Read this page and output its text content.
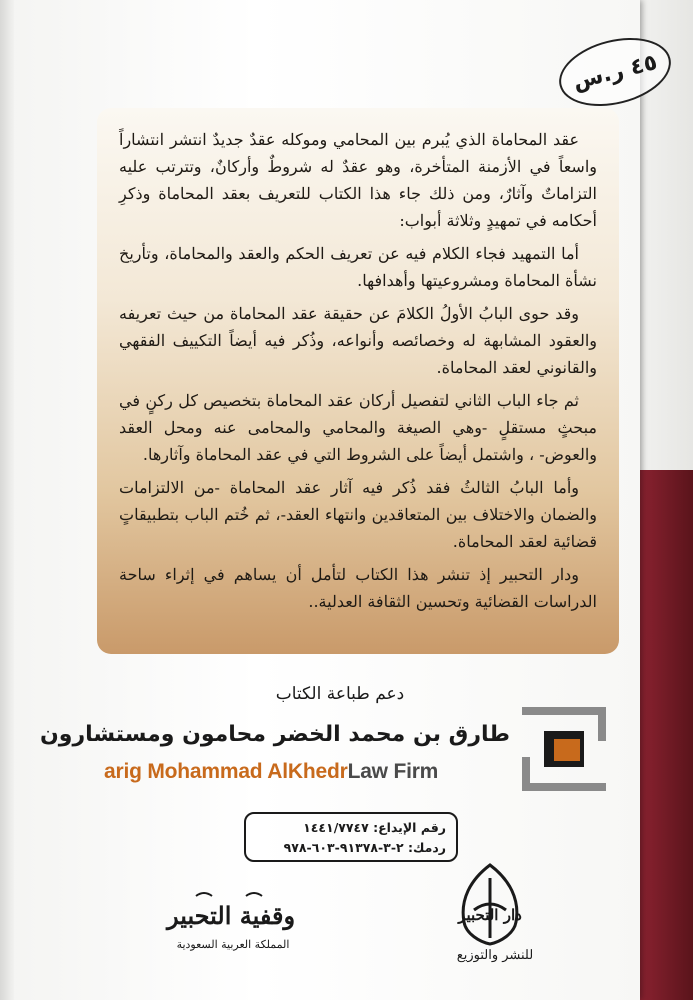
٤٥ ر.س

عقد المحاماة الذي يُبرم بين المحامي وموكله عقدٌ جديدٌ انتشر انتشاراً واسعاً في الأزمنة المتأخرة، وهو عقدٌ له شروطٌ وأركانٌ، وتترتب عليه التزاماتٌ وآثارٌ، ومن ذلك جاء هذا الكتاب للتعريف بعقد المحاماة وذكرِ أحكامه في تمهيدٍ وثلاثة أبواب:

أما التمهيد فجاء الكلام فيه عن تعريف الحكم والعقد والمحاماة، وتأريخ نشأة المحاماة ومشروعيتها وأهدافها.

وقد حوى البابُ الأولُ الكلامَ عن حقيقة عقد المحاماة من حيث تعريفه والعقود المشابهة له وخصائصه وأنواعه، وذُكر فيه أيضاً التكييف الفقهي والقانوني لعقد المحاماة.

ثم جاء الباب الثاني لتفصيل أركان عقد المحاماة بتخصيص كل ركنٍ في مبحثٍ مستقلٍ -وهي الصيغة والمحامي والمحامى عنه ومحل العقد والعوض- ، واشتمل أيضاً على الشروط التي في عقد المحاماة وآثارها.

وأما البابُ الثالثُ فقد ذُكر فيه آثار عقد المحاماة -من الالتزامات والضمان والاختلاف بين المتعاقدين وانتهاء العقد-، ثم خُتم الباب بتطبيقاتٍ قضائية لعقد المحاماة.

ودار التحبير إذ تنشر هذا الكتاب لتأمل أن يساهم في إثراء ساحة الدراسات القضائية وتحسين الثقافة العدلية..

دعم طباعة الكتاب
طارق بن محمد الخضر محامون ومستشارون
arig Mohammad AlKhedrLaw Firm
رقم الإيداع: ١٤٤١/٧٧٤٧
ردمك: ٢-٣-٩١٣٧٨-٦٠٣-٩٧٨
وقفية التحبير
المملكة العربية السعودية
دار التحبير
للنشر والتوزيع
